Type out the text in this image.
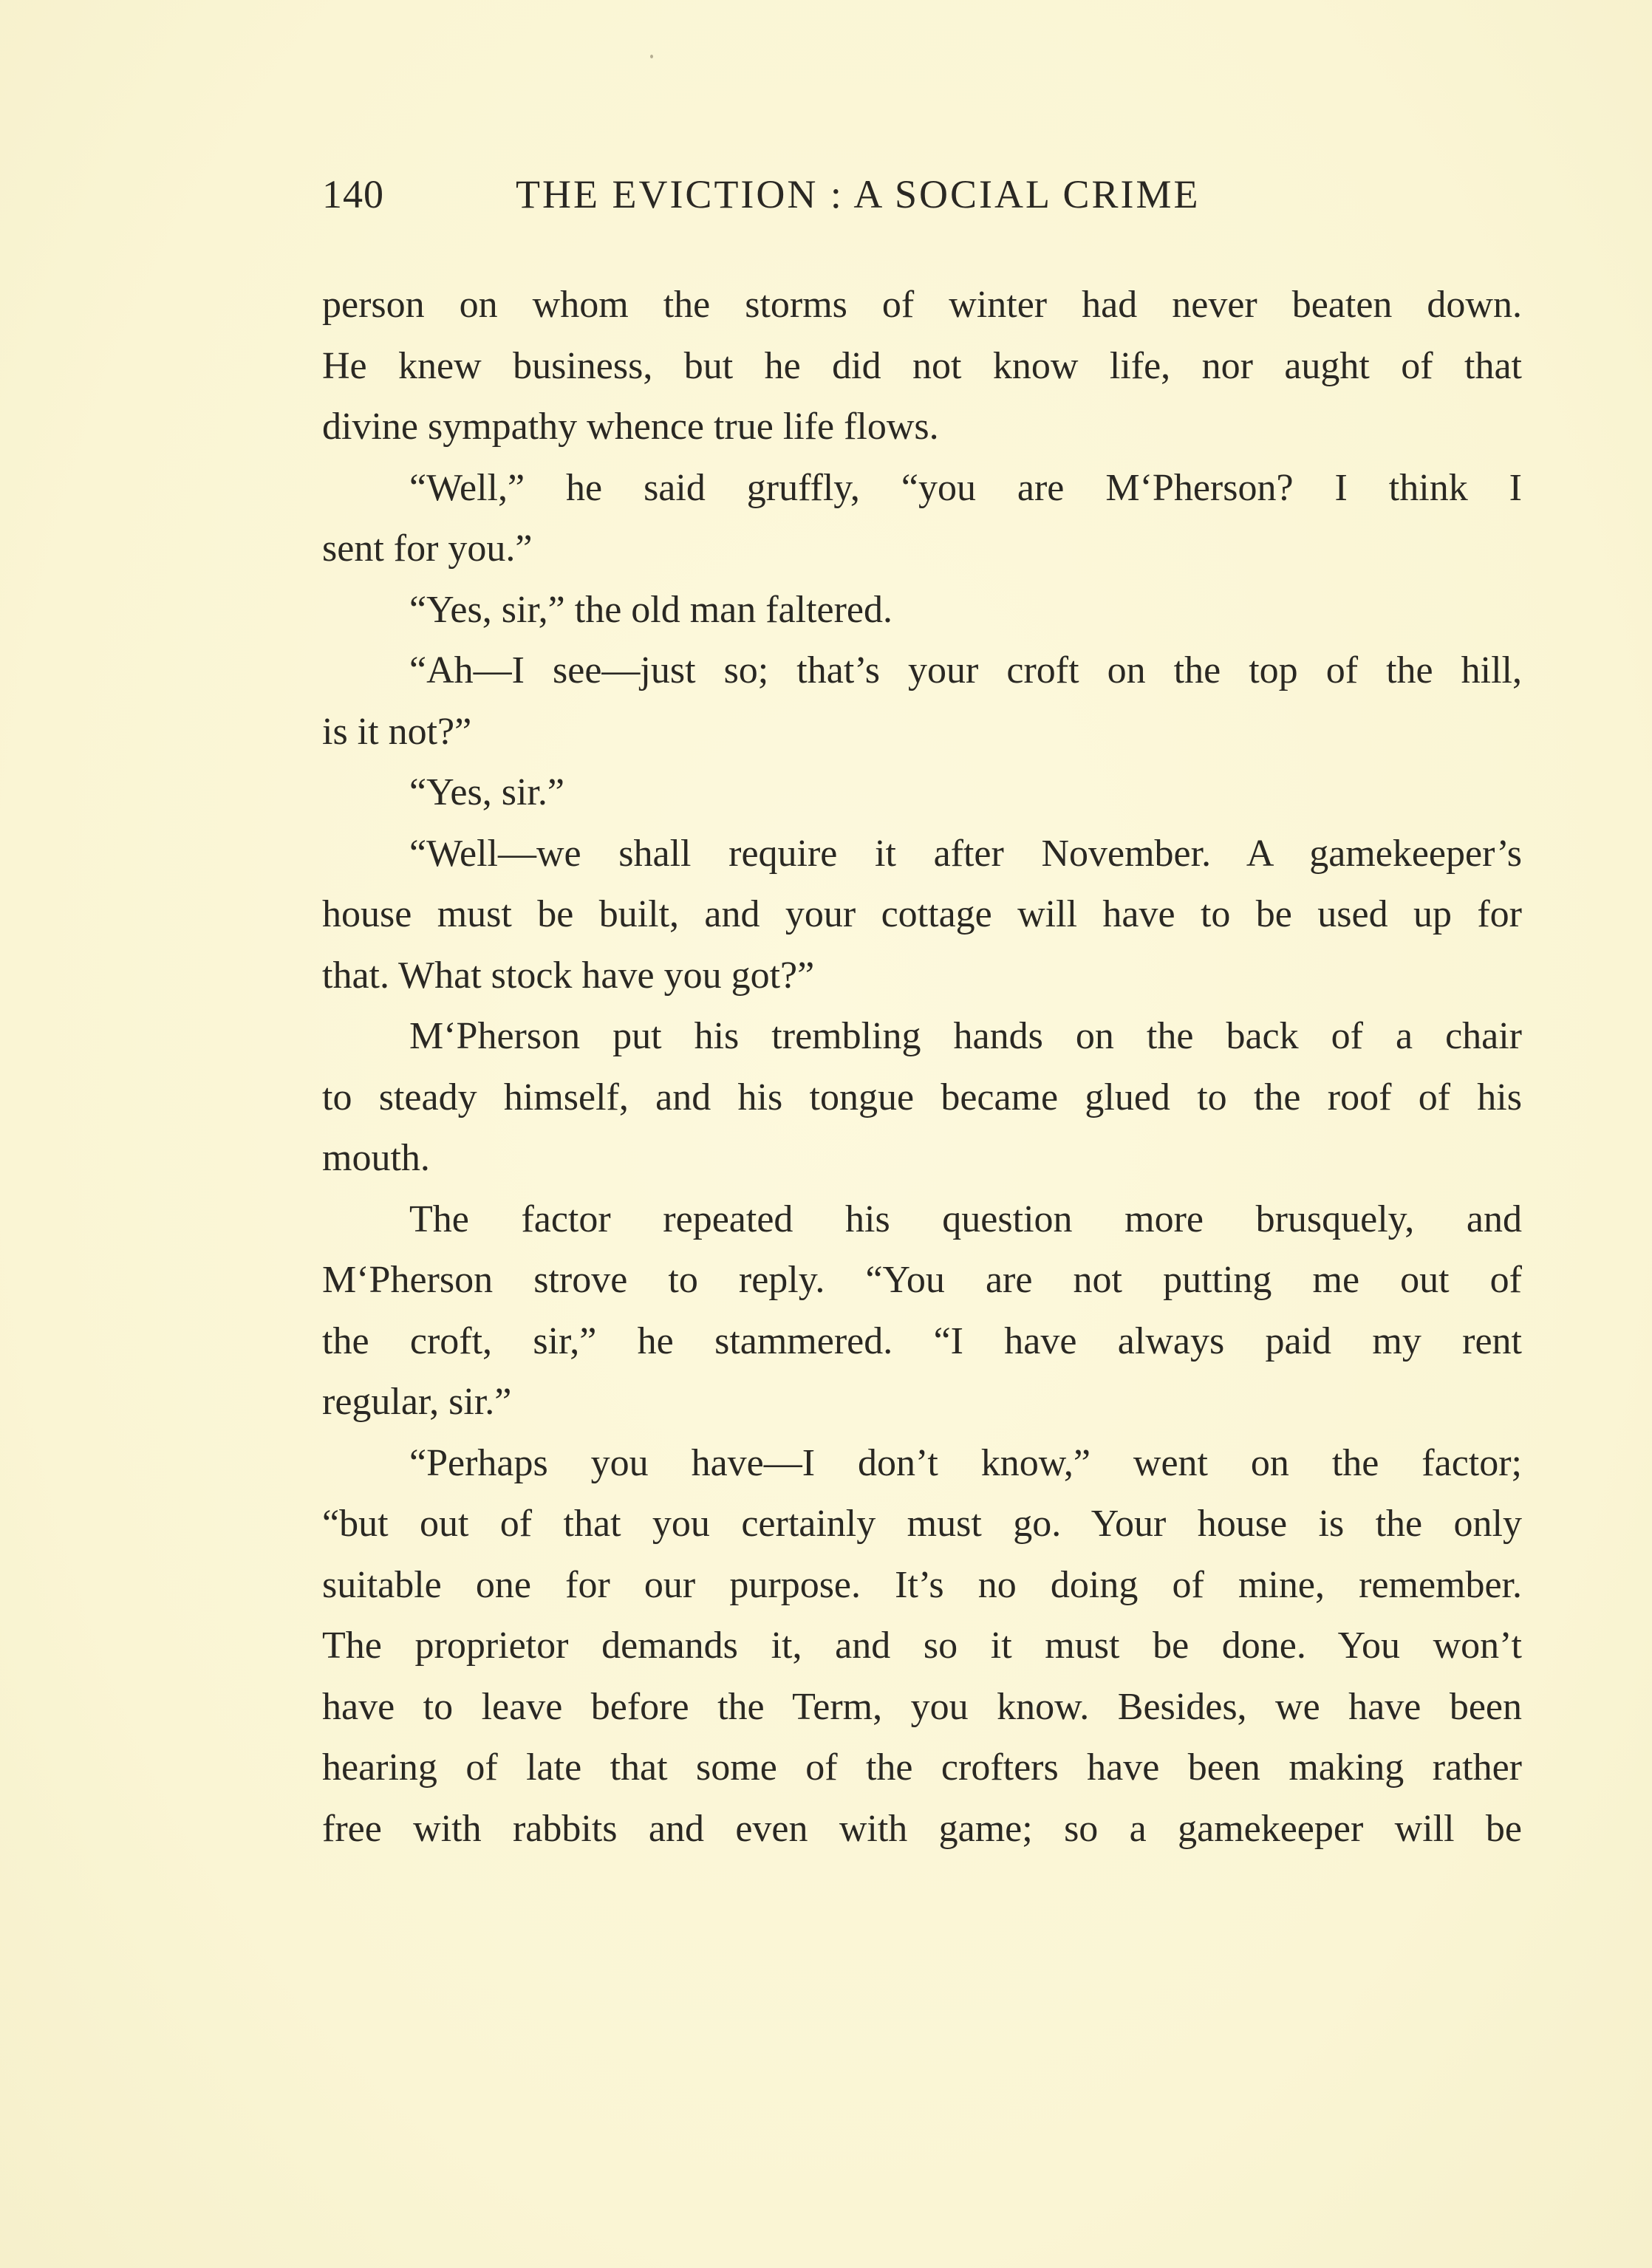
140	THE EVICTION : A SOCIAL CRIME
person on whom the storms of winter had never beaten down.
He knew business, but he did not know life, nor aught of that
divine sympathy whence true life flows.
“Well,” he said gruffly, “you are M‘Pherson? I think I
sent for you.”
“Yes, sir,” the old man faltered.
“Ah—I see—just so; that’s your croft on the top of the hill,
is it not?”
“Yes, sir.”
“Well—we shall require it after November. A gamekeeper’s
house must be built, and your cottage will have to be used up for
that. What stock have you got?”
M‘Pherson put his trembling hands on the back of a chair
to steady himself, and his tongue became glued to the roof of his
mouth.
The factor repeated his question more brusquely, and
M‘Pherson strove to reply. “You are not putting me out of
the croft, sir,” he stammered. “I have always paid my rent
regular, sir.”
“Perhaps you have—I don’t know,” went on the factor;
“but out of that you certainly must go. Your house is the only
suitable one for our purpose. It’s no doing of mine, remember.
The proprietor demands it, and so it must be done. You won’t
have to leave before the Term, you know. Besides, we have been
hearing of late that some of the crofters have been making rather
free with rabbits and even with game; so a gamekeeper will be
